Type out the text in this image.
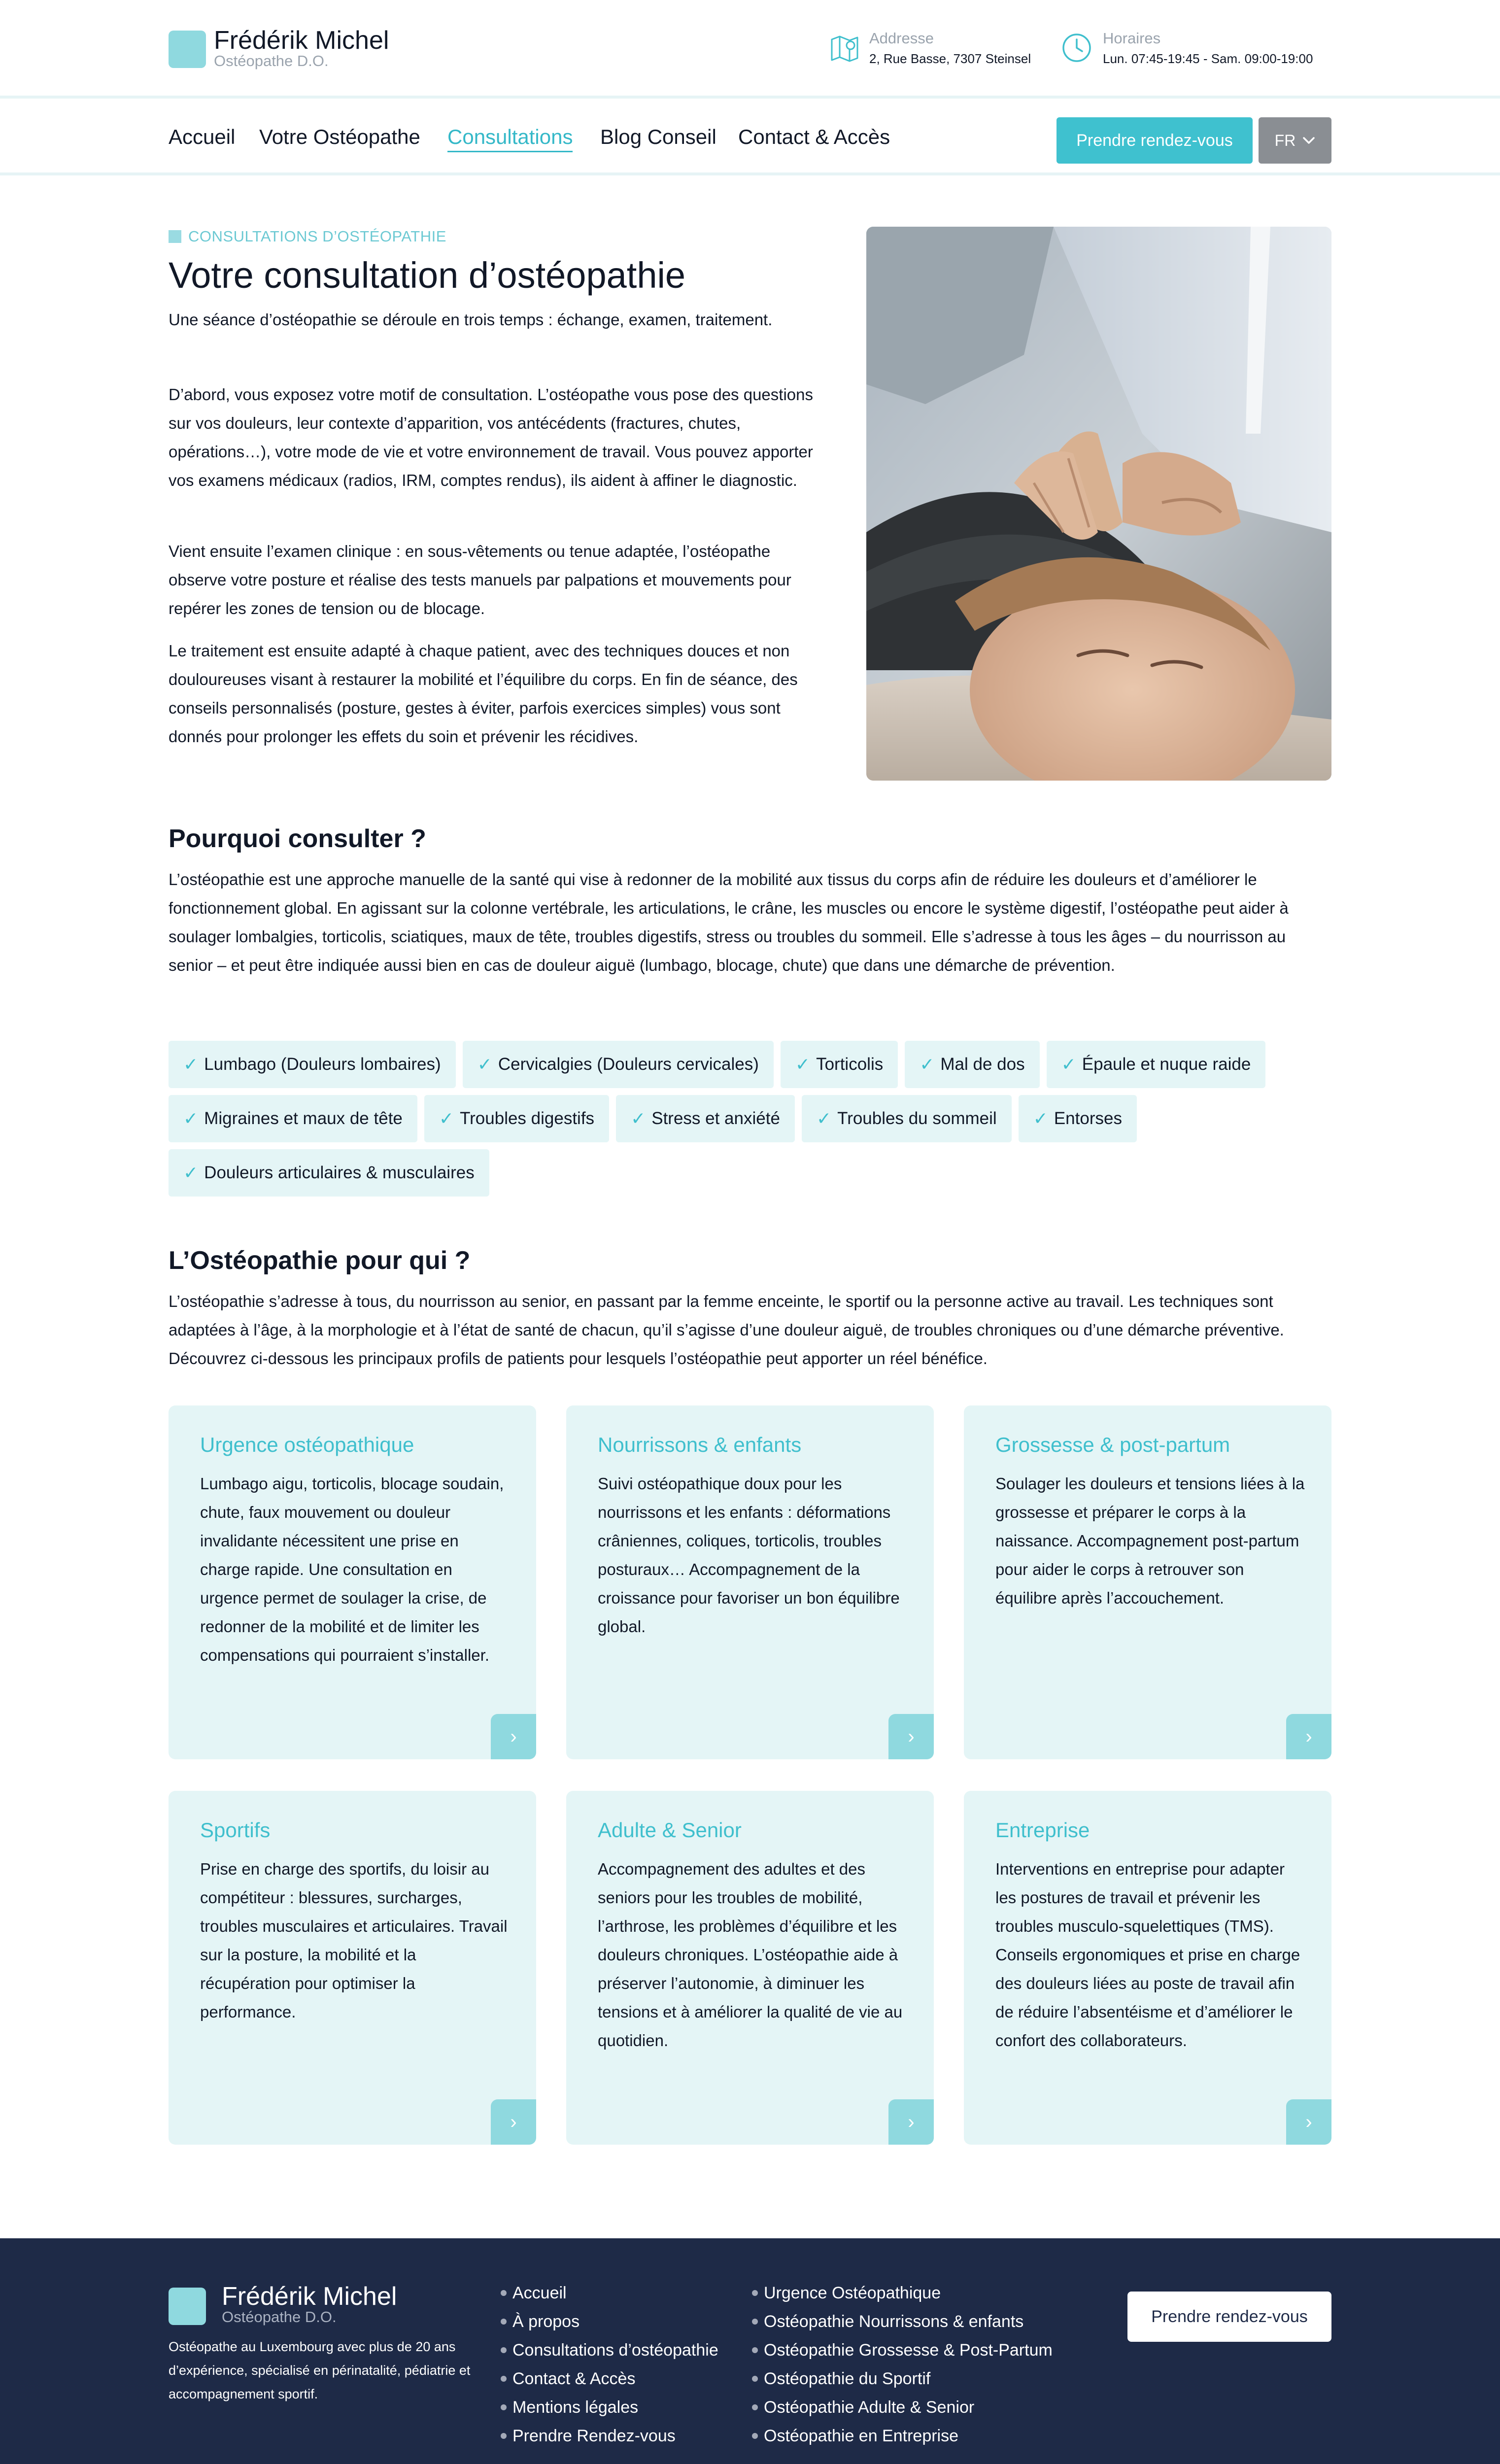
Frédérik Michel
Ostéopathe D.O.
Addresse
2, Rue Basse, 7307 Steinsel
Horaires
Lun. 07:45-19:45 - Sam. 09:00-19:00
Accueil Votre Ostéopathe Consultations Blog Conseil Contact & Accès	Prendre rendez-vous	FR
CONSULTATIONS D’OSTÉOPATHIE
Votre consultation d’ostéopathie

Une séance d’ostéopathie se déroule en trois temps : échange, examen, traitement.

D’abord, vous exposez votre motif de consultation. L’ostéopathe vous pose des questions sur vos douleurs, leur contexte d’apparition, vos antécédents (fractures, chutes, opérations…), votre mode de vie et votre environnement de travail. Vous pouvez apporter vos examens médicaux (radios, IRM, comptes rendus), ils aident à affiner le diagnostic.

Vient ensuite l’examen clinique : en sous-vêtements ou tenue adaptée, l’ostéopathe observe votre posture et réalise des tests manuels par palpations et mouvements pour repérer les zones de tension ou de blocage.

Le traitement est ensuite adapté à chaque patient, avec des techniques douces et non douloureuses visant à restaurer la mobilité et l’équilibre du corps. En fin de séance, des conseils personnalisés (posture, gestes à éviter, parfois exercices simples) vous sont donnés pour prolonger les effets du soin et prévenir les récidives.

Pourquoi consulter ?

L’ostéopathie est une approche manuelle de la santé qui vise à redonner de la mobilité aux tissus du corps afin de réduire les douleurs et d’améliorer le fonctionnement global. En agissant sur la colonne vertébrale, les articulations, le crâne, les muscles ou encore le système digestif, l’ostéopathe peut aider à soulager lombalgies, torticolis, sciatiques, maux de tête, troubles digestifs, stress ou troubles du sommeil. Elle s’adresse à tous les âges – du nourrisson au senior – et peut être indiquée aussi bien en cas de douleur aiguë (lumbago, blocage, chute) que dans une démarche de prévention.

✓ Lumbago (Douleurs lombaires) ✓ Cervicalgies (Douleurs cervicales) ✓ Torticolis ✓ Mal de dos ✓ Épaule et nuque raide
✓ Migraines et maux de tête ✓ Troubles digestifs ✓ Stress et anxiété ✓ Troubles du sommeil ✓ Entorses
✓ Douleurs articulaires & musculaires
L’Ostéopathie pour qui ?

L’ostéopathie s’adresse à tous, du nourrisson au senior, en passant par la femme enceinte, le sportif ou la personne active au travail. Les techniques sont adaptées à l’âge, à la morphologie et à l’état de santé de chacun, qu’il s’agisse d’une douleur aiguë, de troubles chroniques ou d’une démarche préventive. Découvrez ci-dessous les principaux profils de patients pour lesquels l’ostéopathie peut apporter un réel bénéfice.

Urgence ostéopathique
Lumbago aigu, torticolis, blocage soudain, chute, faux mouvement ou douleur invalidante nécessitent une prise en charge rapide. Une consultation en urgence permet de soulager la crise, de redonner de la mobilité et de limiter les compensations qui pourraient s’installer.
›
Nourrissons & enfants
Suivi ostéopathique doux pour les nourrissons et les enfants : déformations crâniennes, coliques, torticolis, troubles posturaux… Accompagnement de la croissance pour favoriser un bon équilibre global.
›
Grossesse & post-partum
Soulager les douleurs et tensions liées à la grossesse et préparer le corps à la naissance. Accompagnement post-partum pour aider le corps à retrouver son équilibre après l’accouchement.
›
Sportifs
Prise en charge des sportifs, du loisir au compétiteur : blessures, surcharges, troubles musculaires et articulaires. Travail sur la posture, la mobilité et la récupération pour optimiser la performance.
›
Adulte & Senior
Accompagnement des adultes et des seniors pour les troubles de mobilité, l’arthrose, les problèmes d’équilibre et les douleurs chroniques. L’ostéopathie aide à préserver l’autonomie, à diminuer les tensions et à améliorer la qualité de vie au quotidien.
›
Entreprise
Interventions en entreprise pour adapter les postures de travail et prévenir les troubles musculo-squelettiques (TMS). Conseils ergonomiques et prise en charge des douleurs liées au poste de travail afin de réduire l’absentéisme et d’améliorer le confort des collaborateurs.
›
Frédérik Michel
Ostéopathe D.O.
Ostéopathe au Luxembourg avec plus de 20 ans d’expérience, spécialisé en périnatalité, pédiatrie et accompagnement sportif.
Accueil
À propos
Consultations d’ostéopathie
Contact & Accès
Mentions légales
Prendre Rendez-vous
Urgence Ostéopathique
Ostéopathie Nourrissons & enfants
Ostéopathie Grossesse & Post-Partum
Ostéopathie du Sportif
Ostéopathie Adulte & Senior
Ostéopathie en Entreprise
Prendre rendez-vous
